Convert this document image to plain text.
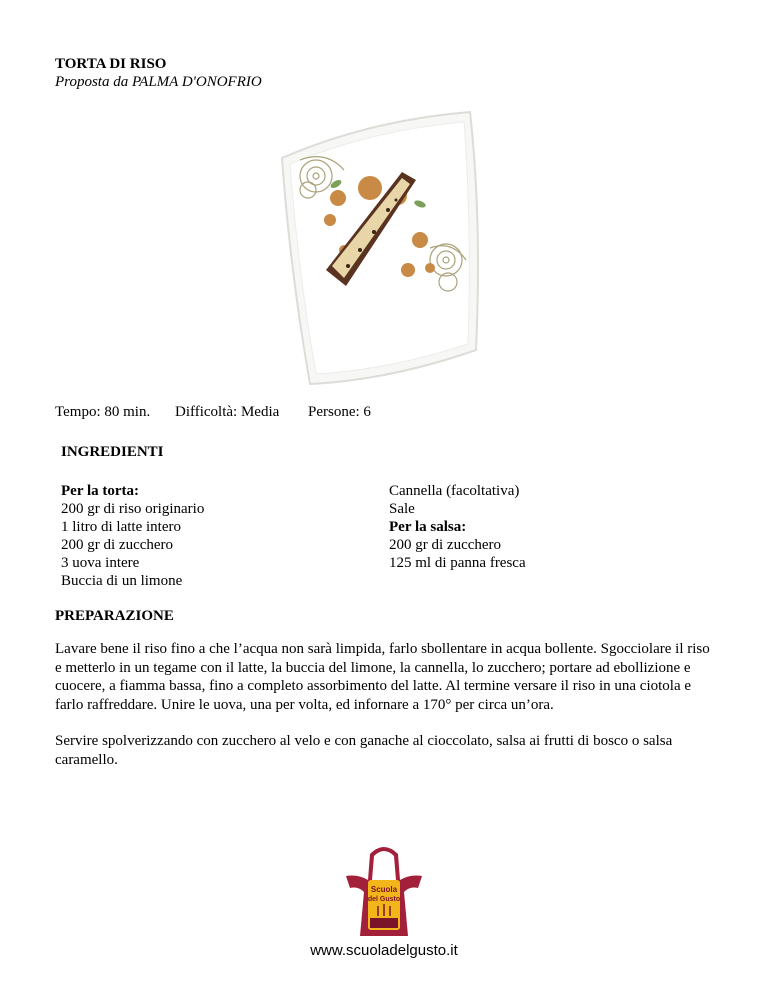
TORTA DI RISO
Proposta da PALMA D'ONOFRIO
Tempo: 80 min. Difficoltà: Media Persone: 6
INGREDIENTI
Per la torta:
200 gr di riso originario
1 litro di latte intero
200 gr di zucchero
3 uova intere
Buccia di un limone
Cannella (facoltativa)
Sale
Per la salsa:
200 gr di zucchero
125 ml di panna fresca
PREPARAZIONE

Lavare bene il riso fino a che l’acqua non sarà limpida, farlo sbollentare in acqua bollente. Sgocciolare il riso e metterlo in un tegame con il latte, la buccia del limone, la cannella, lo zucchero; portare ad ebollizione e cuocere, a fiamma bassa, fino a completo assorbimento del latte. Al termine versare il riso in una ciotola e farlo raffreddare. Unire le uova, una per volta, ed infornare a 170° per circa un’ora.

Servire spolverizzando con zucchero al velo e con ganache al cioccolato, salsa ai frutti di bosco o salsa caramello.

Scuola
del Gusto
www.scuoladelgusto.it
